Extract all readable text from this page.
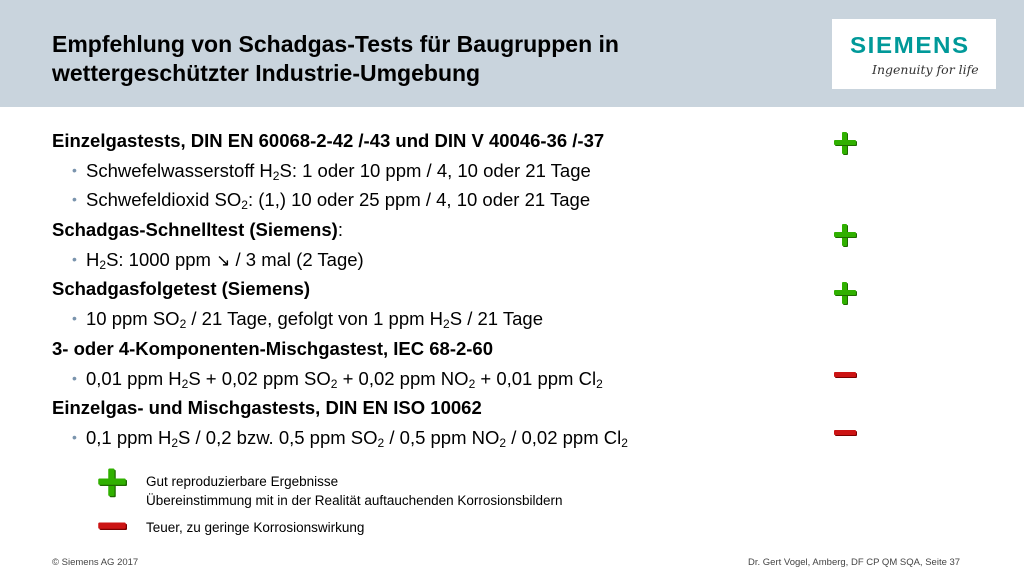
Empfehlung von Schadgas-Tests für Baugruppen in
wettergeschützter Industrie-Umgebung
SIEMENS
Ingenuity for life
Einzelgastests, DIN EN 60068-2-42 /-43 und DIN V 40046-36 /-37
• Schwefelwasserstoff $H_2S$: 1 oder 10 ppm / 4, 10 oder 21 Tage
• Schwefeldioxid $SO_2$: (1,) 10 oder 25 ppm / 4, 10 oder 21 Tage
Schadgas-Schnelltest (Siemens):
• $H_2S$: 1000 ppm ↘ / 3 mal (2 Tage)
Schadgasfolgetest (Siemens)
• 10 ppm $SO_2 / 21$ Tage, gefolgt von 1 ppm $H_2S / 21$ Tage
3- oder 4-Komponenten-Mischgastest, IEC 68-2-60
• 0,01 ppm $H_2S + 0,02$ ppm $SO_2 + 0,02$ ppm $NO_2 + 0,01$ ppm $Cl_2$
Einzelgas- und Mischgastests, DIN EN ISO 10062
• 0,1 ppm $H_2S / 0,2$ bzw. 0,5 ppm $SO_2 / 0,5$ ppm $NO_2 / 0,02$ ppm $Cl_2$
Gut reproduzierbare Ergebnisse
Übereinstimmung mit in der Realität auftauchenden Korrosionsbildern
Teuer, zu geringe Korrosionswirkung
© Siemens AG 2017	Dr. Gert Vogel, Amberg, DF CP QM SQA, Seite 37
